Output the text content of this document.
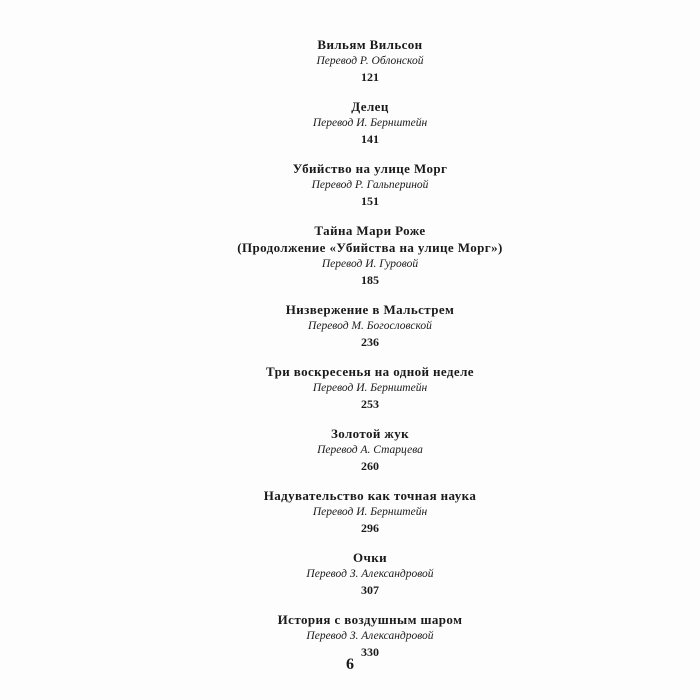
Вильям Вильсон
Перевод Р. Облонской
121
Делец
Перевод И. Бернштейн
141
Убийство на улице Морг
Перевод Р. Гальпериной
151
Тайна Мари Роже
(Продолжение «Убийства на улице Морг»)
Перевод И. Гуровой
185
Низвержение в Мальстрем
Перевод М. Богословской
236
Три воскресенья на одной неделе
Перевод И. Бернштейн
253
Золотой жук
Перевод А. Старцева
260
Надувательство как точная наука
Перевод И. Бернштейн
296
Очки
Перевод З. Александровой
307
История с воздушным шаром
Перевод З. Александровой
330
6
